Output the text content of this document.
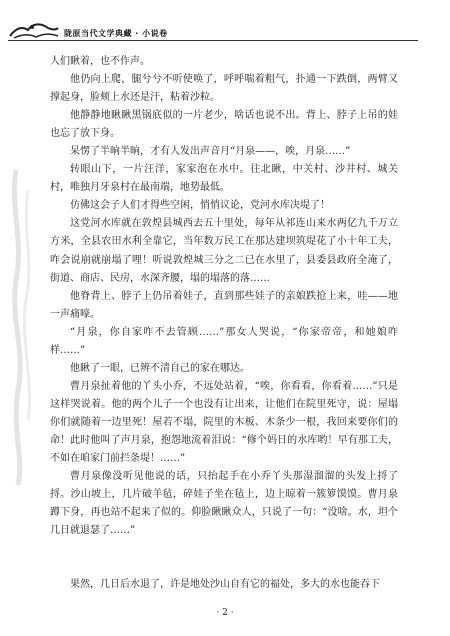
陇原当代文学典藏 · 小说卷

人们瞅着，也不作声。

他仍向上爬，腿兮兮不听使唤了，呼呼喘着粗气，扑通一下跌倒，两臂又撑起身，脸颊上水还是汗，粘着沙粒。

他静静地瞅瞅黑锅底似的一片老少，啥话也说不出。背上、脖子上吊的娃也忘了放下身。

呆愣了半晌半晌，才有人发出声音月“月泉——，唉，月泉……”

转眼山下，一片汪洋，家家泡在水中。往北瞅，中关村、沙井村、城关村，唯独月牙泉村在最南端，地势最低。

仿佛这会子人们才得些空闲，悄悄议论，党河水库决堤了！

这党河水库就在敦煌县城西去五十里处，每年从祁连山来水两亿九千万立方米，全县农田水利全靠它，当年数万民工在那达建坝筑堤花了小十年工夫，咋会说崩就崩塌了哩！听说敦煌城三分之二已在水里了，县委县政府全淹了，街道、商店、民房，水深齐腰，塌的塌落的落……

他脊背上、脖子上仍吊着娃子，直到那些娃子的亲娘跌抢上来，哇——地一声痛嚎。

“月泉，你自家咋不去管顾……”那女人哭说，“你家帝帝，和她娘咋样……”

他瞅了一眼，已辨不清自己的家在哪达。

曹月泉扯着他的丫头小乔，不远处站着，“唉，你看看，你看着……”只是这样哭说着。他的两个儿子一个也没有让出来，让他们在院里死守，说：屋塌你们就随着一边里死！屋若不塌，院里的木板、木条少一根，我回来要你们的命！此时他叫了声月泉，抱怨地流着泪说：“修个妈日的水库哟！早有那工夫，不如在咱家门前拦条堤！……”

曹月泉像没听见他说的话，只抬起手在小乔丫头那湿溜溜的头发上捋了捋。沙山坡上，几片破羊毡，碎娃子坐在毡上，边上晾着一簇箩馍馍。曹月泉蹲下身，再也站不起来了似的。仰脸瞅瞅众人，只说了一句：“没啥。水，坦个几日就退瑟了……”

果然，几日后水退了，许是地处沙山自有它的福处，多大的水也能吞下

· 2 ·
